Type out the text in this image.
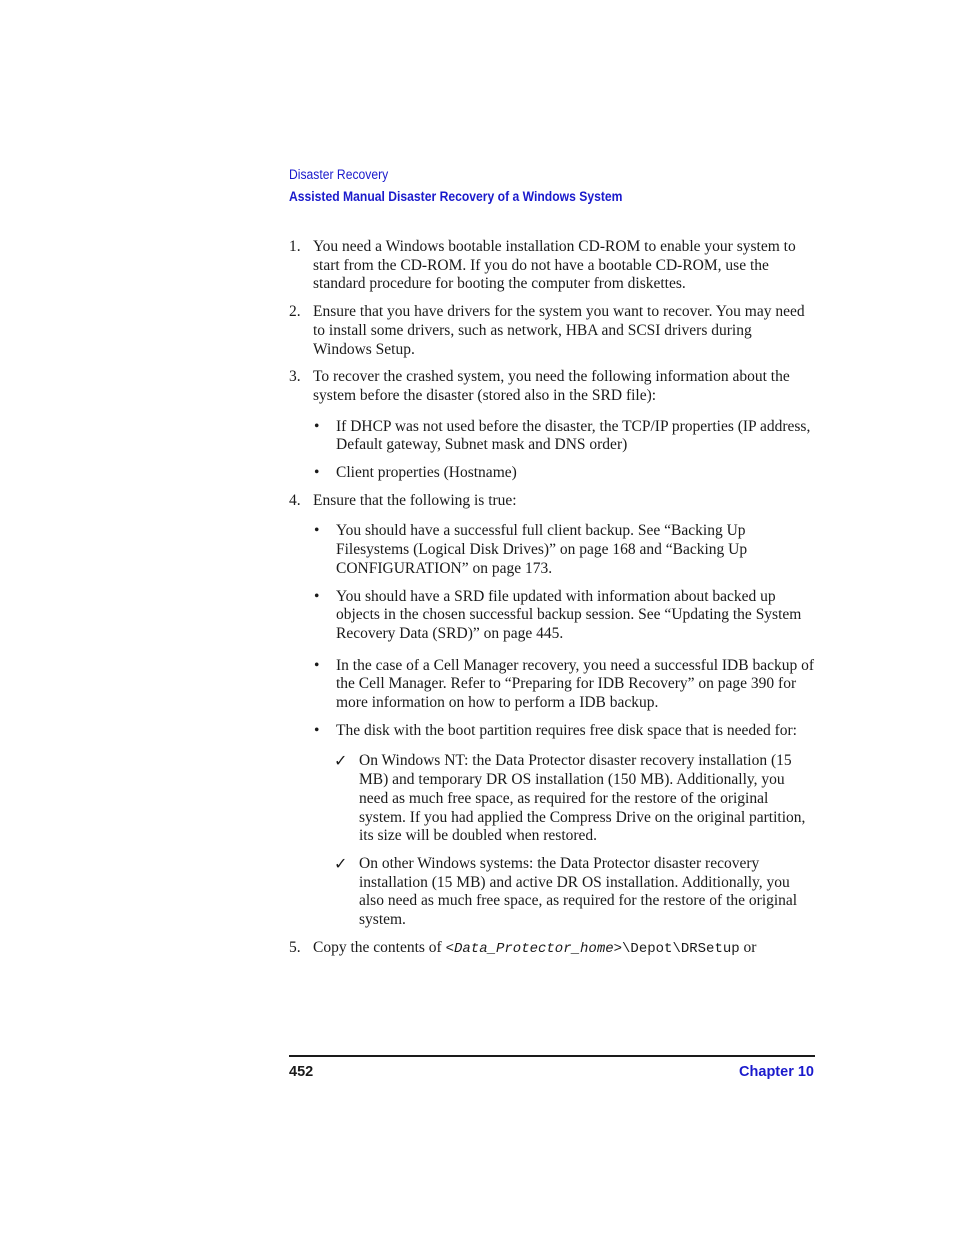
Disaster Recovery
Assisted Manual Disaster Recovery of a Windows System
1. You need a Windows bootable installation CD-ROM to enable your system to start from the CD-ROM. If you do not have a bootable CD-ROM, use the standard procedure for booting the computer from diskettes.
2. Ensure that you have drivers for the system you want to recover. You may need to install some drivers, such as network, HBA and SCSI drivers during Windows Setup.
3. To recover the crashed system, you need the following information about the system before the disaster (stored also in the SRD file):
• If DHCP was not used before the disaster, the TCP/IP properties (IP address, Default gateway, Subnet mask and DNS order)
• Client properties (Hostname)
4. Ensure that the following is true:
• You should have a successful full client backup. See “Backing Up Filesystems (Logical Disk Drives)” on page 168 and “Backing Up CONFIGURATION” on page 173.
• You should have a SRD file updated with information about backed up objects in the chosen successful backup session. See “Updating the System Recovery Data (SRD)” on page 445.
• In the case of a Cell Manager recovery, you need a successful IDB backup of the Cell Manager. Refer to “Preparing for IDB Recovery” on page 390 for more information on how to perform a IDB backup.
• The disk with the boot partition requires free disk space that is needed for:
✓ On Windows NT: the Data Protector disaster recovery installation (15 MB) and temporary DR OS installation (150 MB). Additionally, you need as much free space, as required for the restore of the original system. If you had applied the Compress Drive on the original partition, its size will be doubled when restored.
✓ On other Windows systems: the Data Protector disaster recovery installation (15 MB) and active DR OS installation. Additionally, you also need as much free space, as required for the restore of the original system.
5. Copy the contents of <Data_Protector_home>\Depot\DRSetup or
452	Chapter 10
